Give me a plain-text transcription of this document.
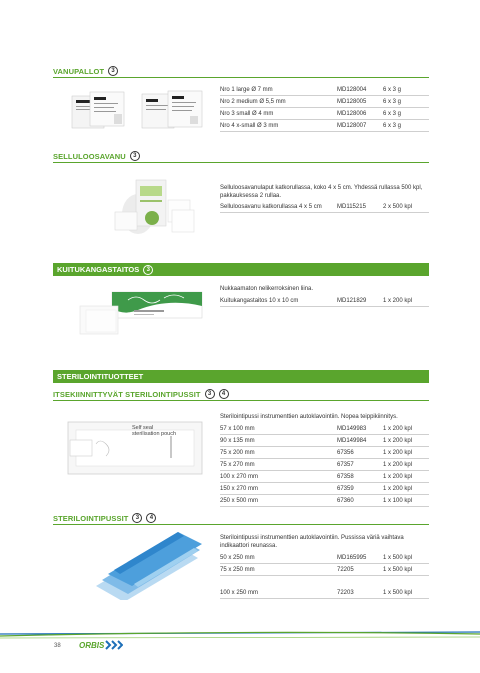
VANUPALLOT	3
Nro 1 large Ø 7 mm	MD128004	6 x 3 g
Nro 2 medium Ø 5,5 mm	MD128005	6 x 3 g
Nro 3 small Ø 4 mm	MD128006	6 x 3 g
Nro 4 x-small Ø 3 mm	MD128007	6 x 3 g
SELLULOOSAVANU	3
Selluloosavanulaput katkorullassa, koko 4 x 5 cm. Yhdessä rullassa 500 kpl, pakkauksessa 2 rullaa.
Selluloosavanu katkorullassa 4 x 5 cm	MD115215	2 x 500 kpl
KUITUKANGASTAITOS	3
Nukkaamaton nelikerroksinen liina.
Kuitukangastaitos 10 x 10 cm	MD121829	1 x 200 kpl
STERILOINTITUOTTEET
ITSEKIINNITTYVÄT STERILOINTIPUSSIT	3	4
Self seal
sterilisation pouch
Sterilointipussi instrumenttien autoklavointiin. Nopea teippikiinnitys.
57 x 100 mm	MD149983	1 x 200 kpl
90 x 135 mm	MD149984	1 x 200 kpl
75 x 200 mm	67356	1 x 200 kpl
75 x 270 mm	67357	1 x 200 kpl
100 x 270 mm	67358	1 x 200 kpl
150 x 270 mm	67359	1 x 200 kpl
250 x 500 mm	67360	1 x 100 kpl
STERILOINTIPUSSIT	3	4
Sterilointipussi instrumenttien autoklavointiin. Pussissa väriä vaihtava indikaattori reunassa.
50 x 250 mm	MD165995	1 x 500 kpl
75 x 250 mm	72205	1 x 500 kpl
100 x 250 mm	72203	1 x 500 kpl
38 ORBIS
